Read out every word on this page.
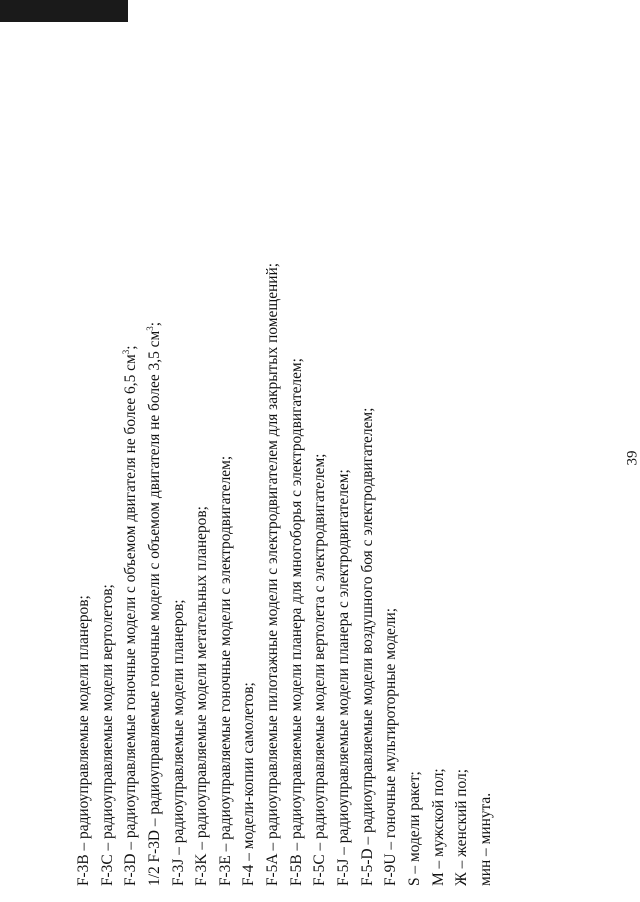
39
F-3B – радиоуправляемые модели планеров; F-3C – радиоуправляемые модели вертолетов; F-3D – радиоуправляемые гоночные модели с объемом двигателя не более 6,5 $см^3$; 1/2 F-3D – радиоуправляемые гоночные модели с объемом двигателя не более 3,5 $см^3$;
F-3J – радиоуправляемые модели планеров; F-3K – радиоуправляемые модели метательных планеров; F-3E – радиоуправляемые гоночные модели с электродвигателем; F-4 – модели-копии самолетов; F-5A – радиоуправляемые пилотажные модели с электродвигателем для закрытых помещений; F-5B – радиоуправляемые модели планера для многоборья с электродвигателем; F-5C – радиоуправляемые модели вертолета с электродвигателем; F-5J – радиоуправляемые модели планера с электродвигателем; F-5-D – радиоуправляемые модели воздушного боя с электродвигателем; F-9U – гоночные мультироторные модели; S – модели ракет; М – мужской пол; Ж – женский пол; мин – минута.
